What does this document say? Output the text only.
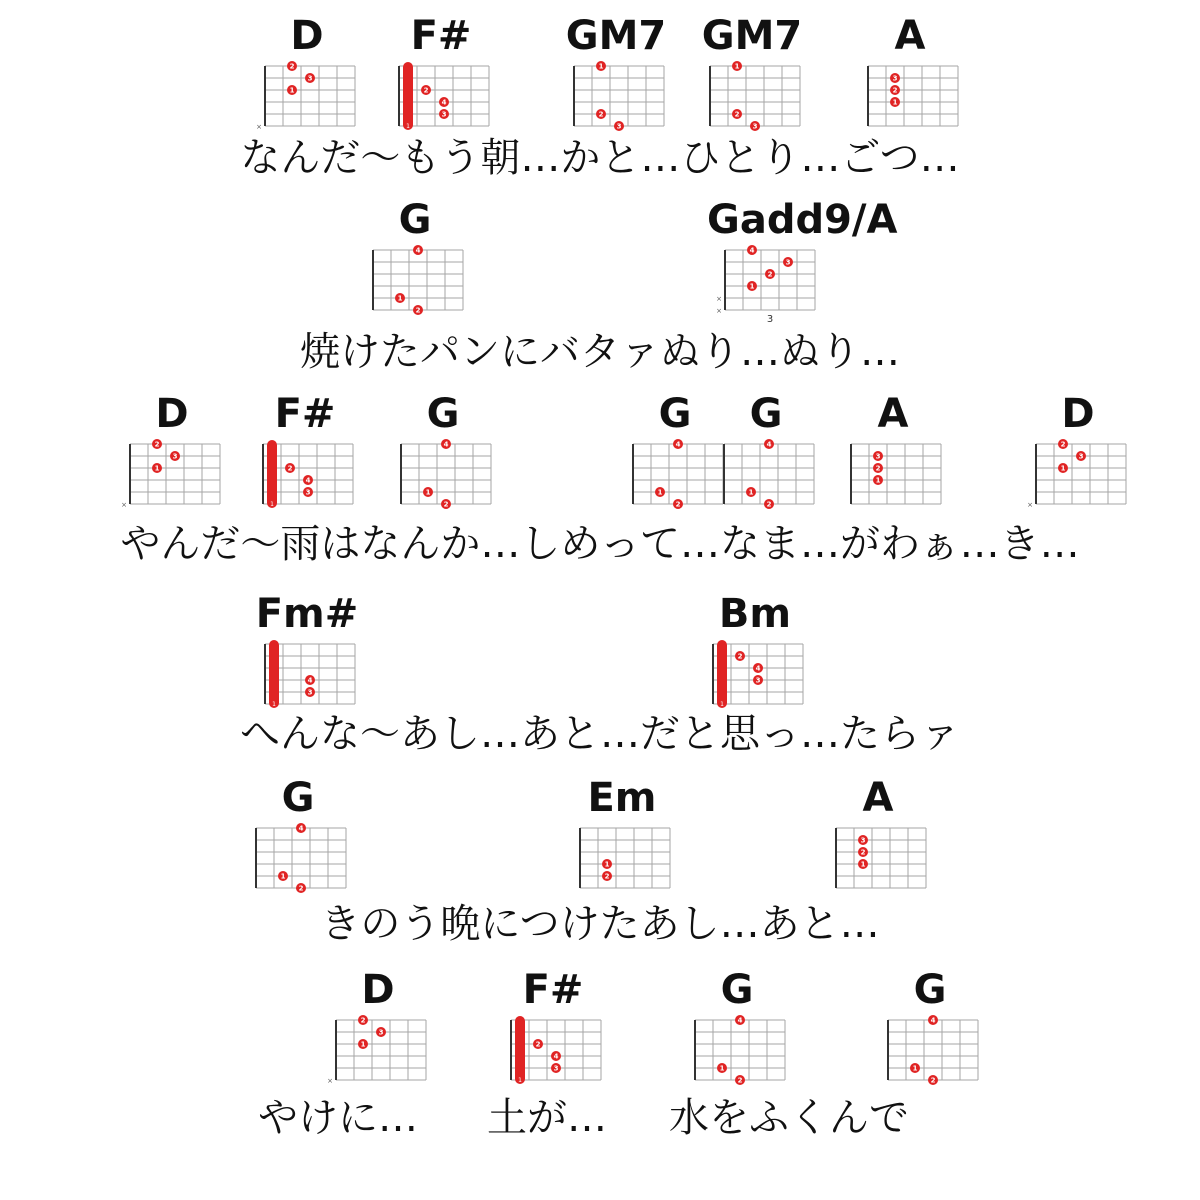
D
×
1
3
2
F#
1
2
3
4
GM7
2
3
1
GM7
2
3
1
A
1
2
3
なんだ〜もう朝…かと…ひとり…ごつ…
G
1
2
4
Gadd9/A
×
×
1
2
3
4
3
焼けたパンにバタァぬり…ぬり…
D
×
1
3
2
F#
1
2
3
4
G
1
2
4
G
1
2
4
G
1
2
4
A
1
2
3
D
×
1
3
2
やんだ〜雨はなんか…しめって…なま…がわぁ…き…
Fm#
1
3
4
Bm
1
2
3
4
へんな〜あし…あと…だと思っ…たらァ
G
1
2
4
Em
2
1
A
1
2
3
きのう晩につけたあし…あと…
D
×
1
3
2
F#
1
2
3
4
G
1
2
4
G
1
2
4
やけに… 土が… 水をふくんで
